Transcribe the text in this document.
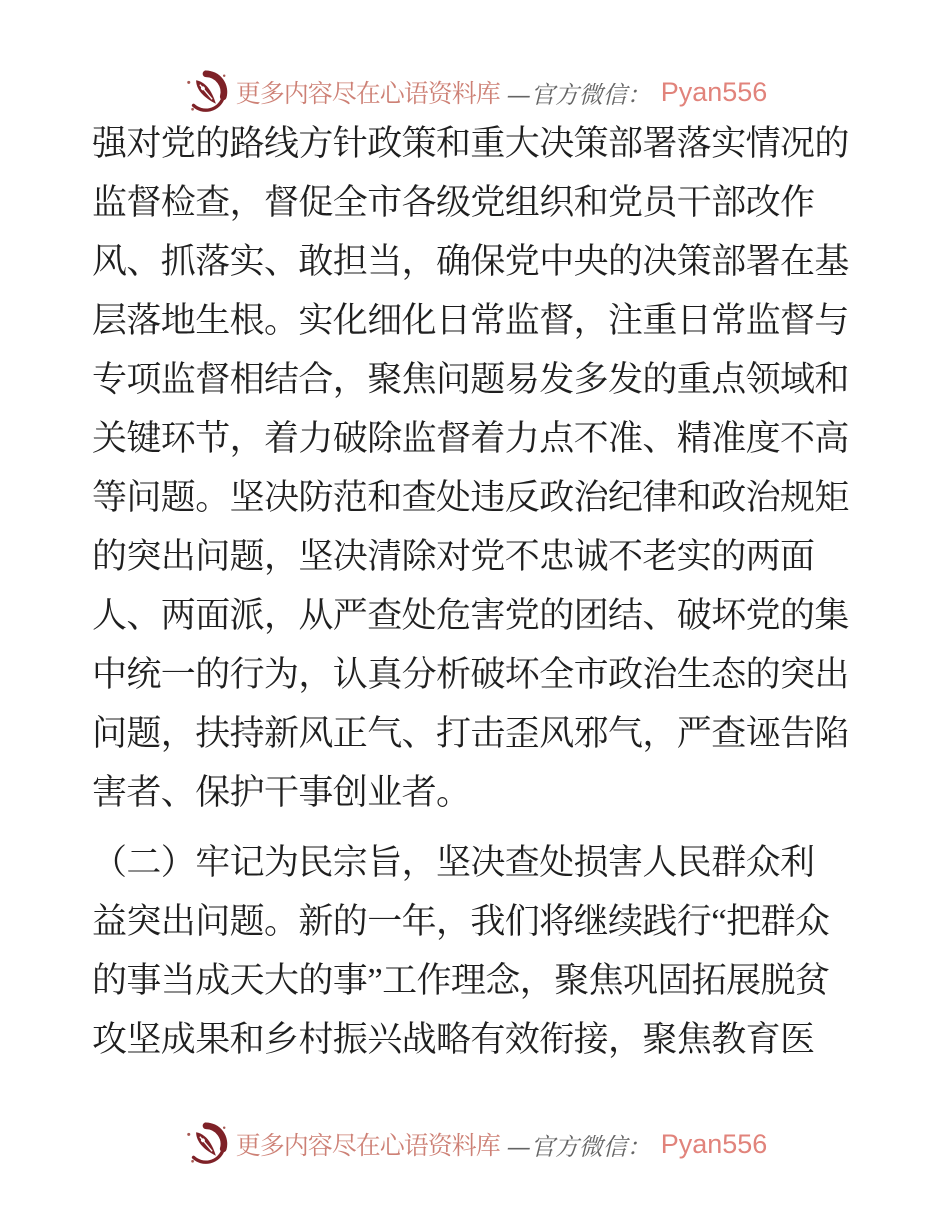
更多内容尽在心语资料库 —官方微信： Pyan556
强对党的路线方针政策和重大决策部署落实情况的
监督检查，督促全市各级党组织和党员干部改作
风、抓落实、敢担当，确保党中央的决策部署在基
层落地生根。实化细化日常监督，注重日常监督与
专项监督相结合，聚焦问题易发多发的重点领域和
关键环节，着力破除监督着力点不准、精准度不高
等问题。坚决防范和查处违反政治纪律和政治规矩
的突出问题，坚决清除对党不忠诚不老实的两面
人、两面派，从严查处危害党的团结、破坏党的集
中统一的行为，认真分析破坏全市政治生态的突出
问题，扶持新风正气、打击歪风邪气，严查诬告陷
害者、保护干事创业者。
（二）牢记为民宗旨，坚决查处损害人民群众利
益突出问题。新的一年，我们将继续践行“把群众
的事当成天大的事”工作理念，聚焦巩固拓展脱贫
攻坚成果和乡村振兴战略有效衔接，聚焦教育医
更多内容尽在心语资料库 —官方微信： Pyan556
